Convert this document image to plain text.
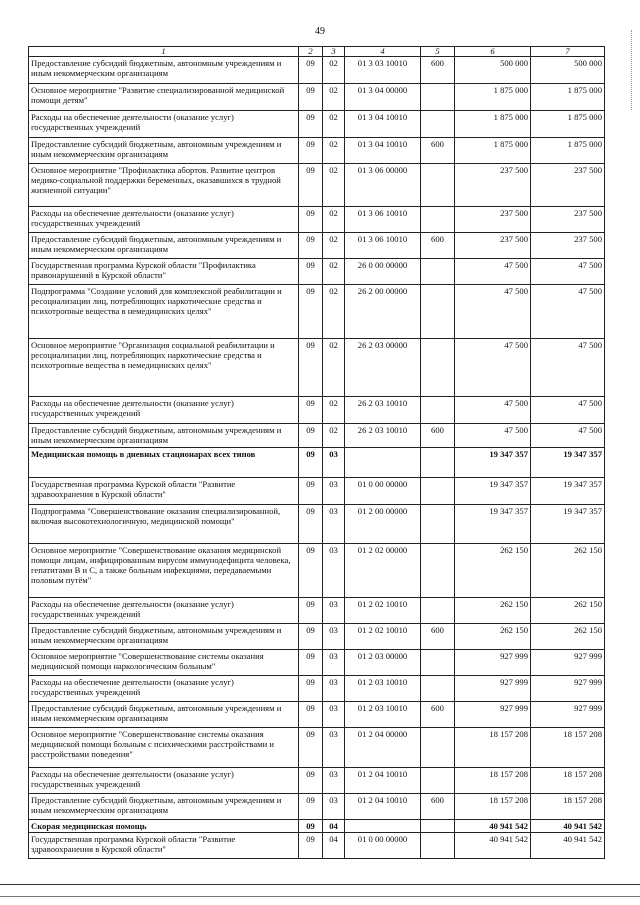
49
1	2	3	4	5	6	7
Предоставление субсидий бюджетным, автономным учреждениям и иным некоммерческим организациям	09	02	01 3 03 10010	600	500 000	500 000
Основное мероприятие "Развитие специализированной медицинской помощи детям"	09	02	01 3 04 00000		1 875 000	1 875 000
Расходы на обеспечение деятельности (оказание услуг) государственных учреждений	09	02	01 3 04 10010		1 875 000	1 875 000
Предоставление субсидий бюджетным, автономным учреждениям и иным некоммерческим организациям	09	02	01 3 04 10010	600	1 875 000	1 875 000
Основное мероприятие "Профилактика абортов. Развитие центров медико-социальной поддержки беременных, оказавшихся в трудной жизненной ситуации"	09	02	01 3 06 00000		237 500	237 500
Расходы на обеспечение деятельности (оказание услуг) государственных учреждений	09	02	01 3 06 10010		237 500	237 500
Предоставление субсидий бюджетным, автономным учреждениям и иным некоммерческим организациям	09	02	01 3 06 10010	600	237 500	237 500
Государственная программа Курской области "Профилактика правонарушений в Курской области"	09	02	26 0 00 00000		47 500	47 500
Подпрограмма "Создание условий для комплексной реабилитации и ресоциализации лиц, потребляющих наркотические средства и психотропные вещества в немедицинских целях"	09	02	26 2 00 00000		47 500	47 500
Основное мероприятие "Организация социальной реабилитации и ресоциализации лиц, потребляющих наркотические средства и психотропные вещества в немедицинских целях"	09	02	26 2 03 00000		47 500	47 500
Расходы на обеспечение деятельности (оказание услуг) государственных учреждений	09	02	26 2 03 10010		47 500	47 500
Предоставление субсидий бюджетным, автономным учреждениям и иным некоммерческим организациям	09	02	26 2 03 10010	600	47 500	47 500
Медицинская помощь в дневных стационарах всех типов	09	03			19 347 357	19 347 357
Государственная программа Курской области "Развитие здравоохранения в Курской области"	09	03	01 0 00 00000		19 347 357	19 347 357
Подпрограмма "Совершенствование оказания специализированной, включая высокотехнологичную, медицинской помощи"	09	03	01 2 00 00000		19 347 357	19 347 357
Основное мероприятие "Совершенствование оказания медицинской помощи лицам, инфицированным вирусом иммунодефицита человека, гепатитами B и C, а также больным инфекциями, передаваемыми половым путём"	09	03	01 2 02 00000		262 150	262 150
Расходы на обеспечение деятельности (оказание услуг) государственных учреждений	09	03	01 2 02 10010		262 150	262 150
Предоставление субсидий бюджетным, автономным учреждениям и иным некоммерческим организациям	09	03	01 2 02 10010	600	262 150	262 150
Основное мероприятие "Совершенствование системы оказания медицинской помощи наркологическим больным"	09	03	01 2 03 00000		927 999	927 999
Расходы на обеспечение деятельности (оказание услуг) государственных учреждений	09	03	01 2 03 10010		927 999	927 999
Предоставление субсидий бюджетным, автономным учреждениям и иным некоммерческим организациям	09	03	01 2 03 10010	600	927 999	927 999
Основное мероприятие "Совершенствование системы оказания медицинской помощи больным с психическими расстройствами и расстройствами поведения"	09	03	01 2 04 00000		18 157 208	18 157 208
Расходы на обеспечение деятельности (оказание услуг) государственных учреждений	09	03	01 2 04 10010		18 157 208	18 157 208
Предоставление субсидий бюджетным, автономным учреждениям и иным некоммерческим организациям	09	03	01 2 04 10010	600	18 157 208	18 157 208
Скорая медицинская помощь	09	04			40 941 542	40 941 542
Государственная программа Курской области "Развитие здравоохранения в Курской области"	09	04	01 0 00 00000		40 941 542	40 941 542
